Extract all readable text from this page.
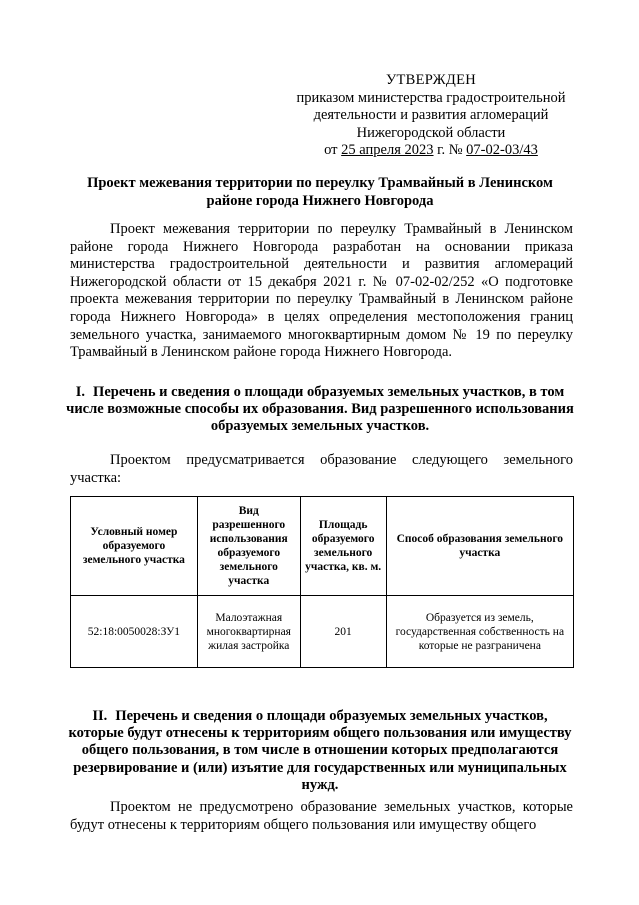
УТВЕРЖДЕН
приказом министерства градостроительной
деятельности и развития агломераций
Нижегородской области
от 25 апреля 2023 г. № 07-02-03/43
Проект межевания территории по переулку Трамвайный в Ленинском районе города Нижнего Новгорода

Проект межевания территории по переулку Трамвайный в Ленинском районе города Нижнего Новгорода разработан на основании приказа министерства градостроительной деятельности и развития агломераций Нижегородской области от 15 декабря 2021 г. № 07-02-02/252 «О подготовке проекта межевания территории по переулку Трамвайный в Ленинском районе города Нижнего Новгорода» в целях определения местоположения границ земельного участка, занимаемого многоквартирным домом № 19 по переулку Трамвайный в Ленинском районе города Нижнего Новгорода.

I. Перечень и сведения о площади образуемых земельных участков, в том числе возможные способы их образования. Вид разрешенного использования образуемых земельных участков.

Проектом предусматривается образование следующего земельного участка:

Условный номер образуемого земельного участка	Вид разрешенного использования образуемого земельного участка	Площадь образуемого земельного участка, кв. м.	Способ образования земельного участка
52:18:0050028:ЗУ1	Малоэтажная многоквартирная жилая застройка	201	Образуется из земель, государственная собственность на которые не разграничена
II. Перечень и сведения о площади образуемых земельных участков, которые будут отнесены к территориям общего пользования или имуществу общего пользования, в том числе в отношении которых предполагаются резервирование и (или) изъятие для государственных или муниципальных нужд.

Проектом не предусмотрено образование земельных участков, которые будут отнесены к территориям общего пользования или имуществу общего
